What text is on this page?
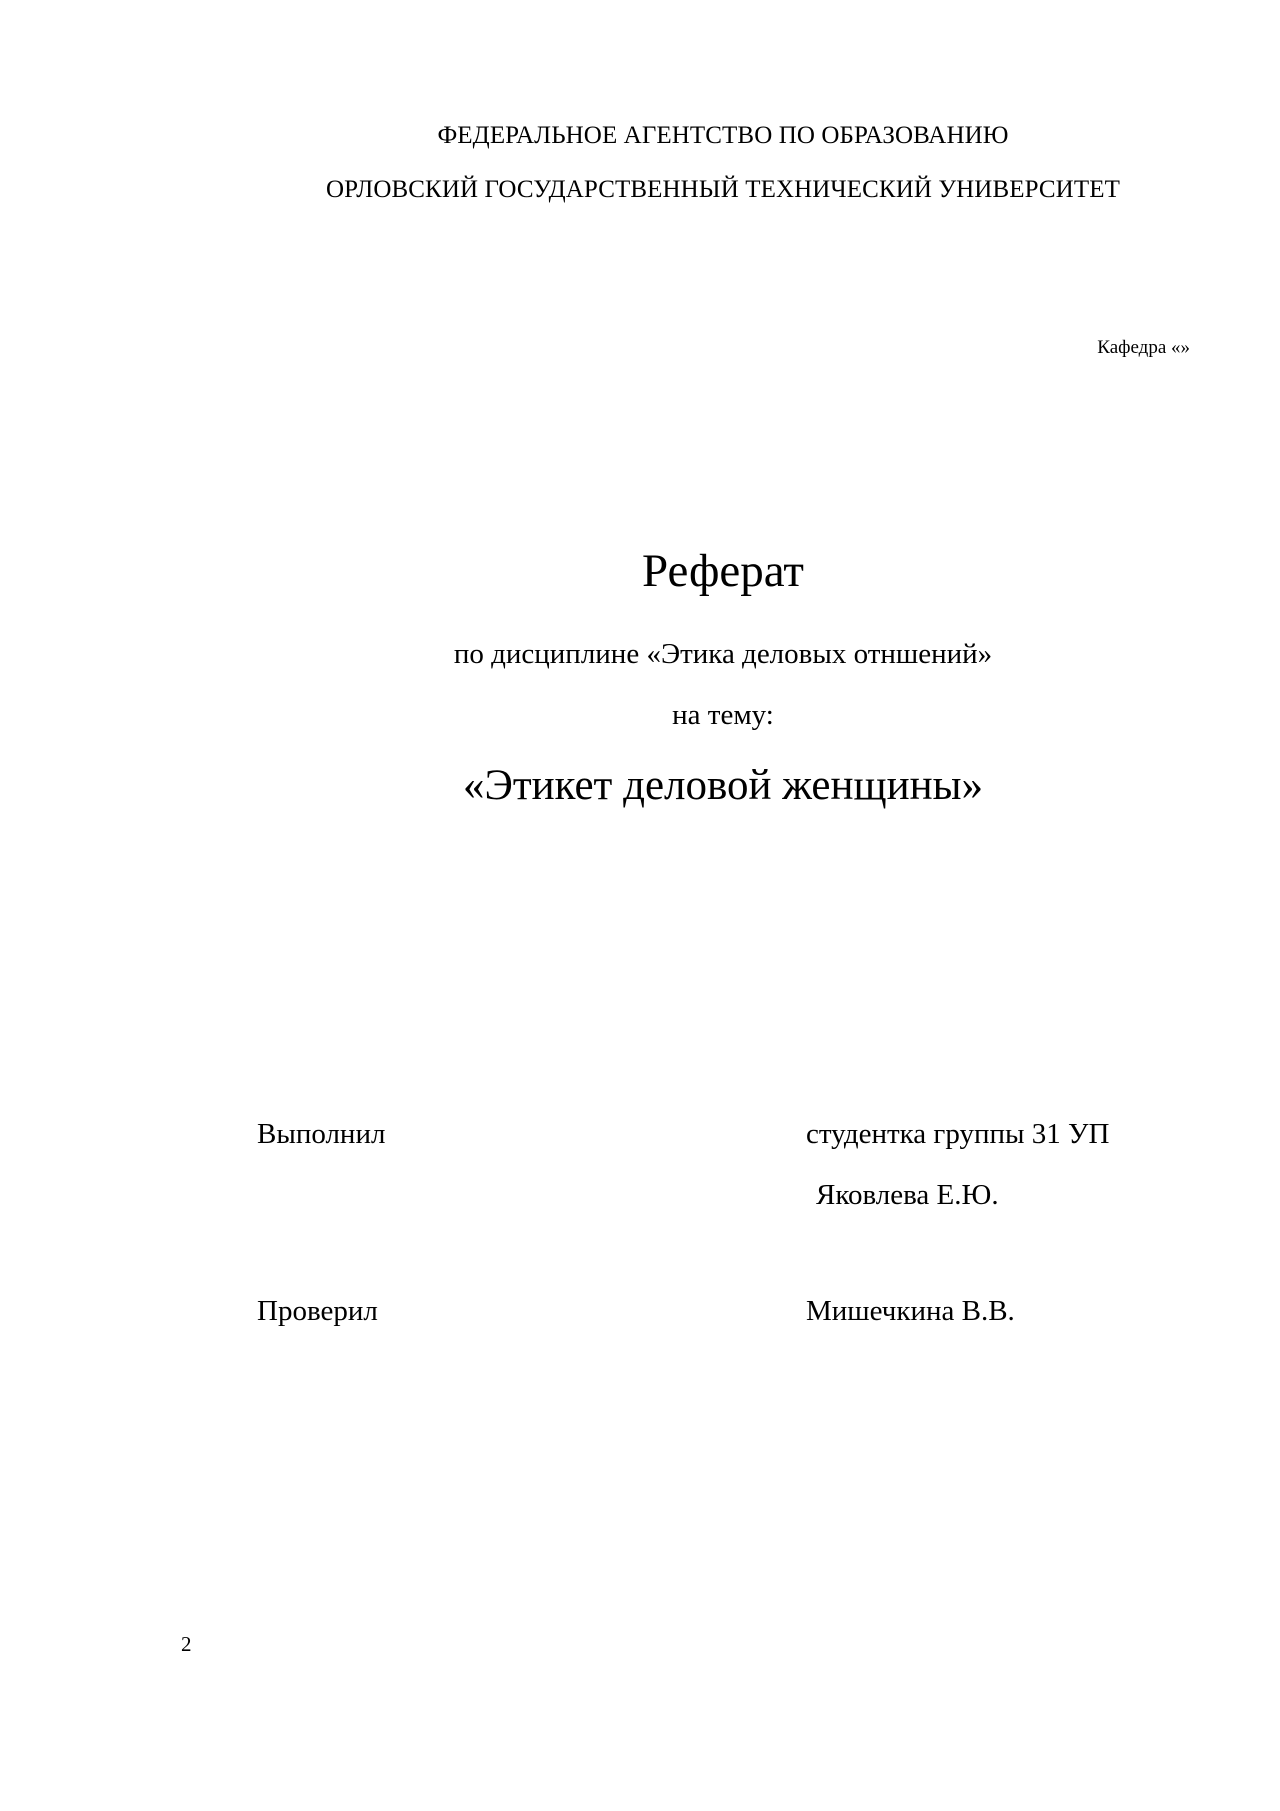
ФЕДЕРАЛЬНОЕ АГЕНТСТВО ПО ОБРАЗОВАНИЮ
ОРЛОВСКИЙ ГОСУДАРСТВЕННЫЙ ТЕХНИЧЕСКИЙ УНИВЕРСИТЕТ
Кафедра «»
Реферат
по дисциплине «Этика деловых отншений»
на тему:
«Этикет деловой женщины»
Выполнил	студентка группы 31 УП
Яковлева Е.Ю.
Проверил	Мишечкина В.В.
2
